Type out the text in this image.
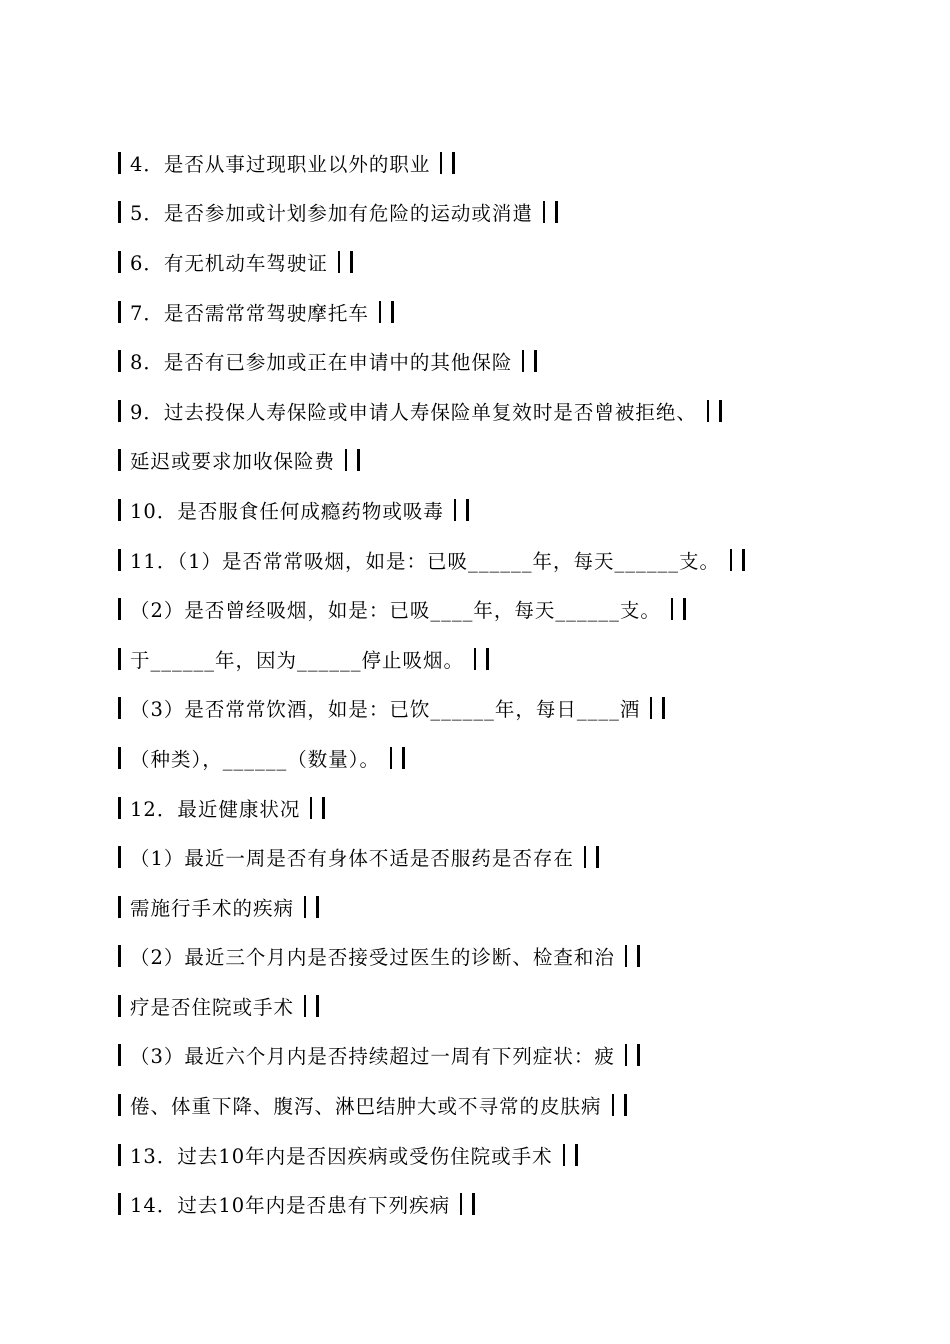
4．是否从事过现职业以外的职业
5．是否参加或计划参加有危险的运动或消遣
6．有无机动车驾驶证
7．是否需常常驾驶摩托车
8．是否有已参加或正在申请中的其他保险
9．过去投保人寿保险或申请人寿保险单复效时是否曾被拒绝、
延迟或要求加收保险费
10．是否服食任何成瘾药物或吸毒
11．（1）是否常常吸烟，如是：已吸______年，每天______支。
（2）是否曾经吸烟，如是：已吸____年，每天______支。
于______年，因为______停止吸烟。
（3）是否常常饮酒，如是：已饮______年，每日____酒
（种类），______（数量）。
12．最近健康状况
（1）最近一周是否有身体不适是否服药是否存在
需施行手术的疾病
（2）最近三个月内是否接受过医生的诊断、检查和治
疗是否住院或手术
（3）最近六个月内是否持续超过一周有下列症状：疲
倦、体重下降、腹泻、淋巴结肿大或不寻常的皮肤病
13．过去10年内是否因疾病或受伤住院或手术
14．过去10年内是否患有下列疾病
